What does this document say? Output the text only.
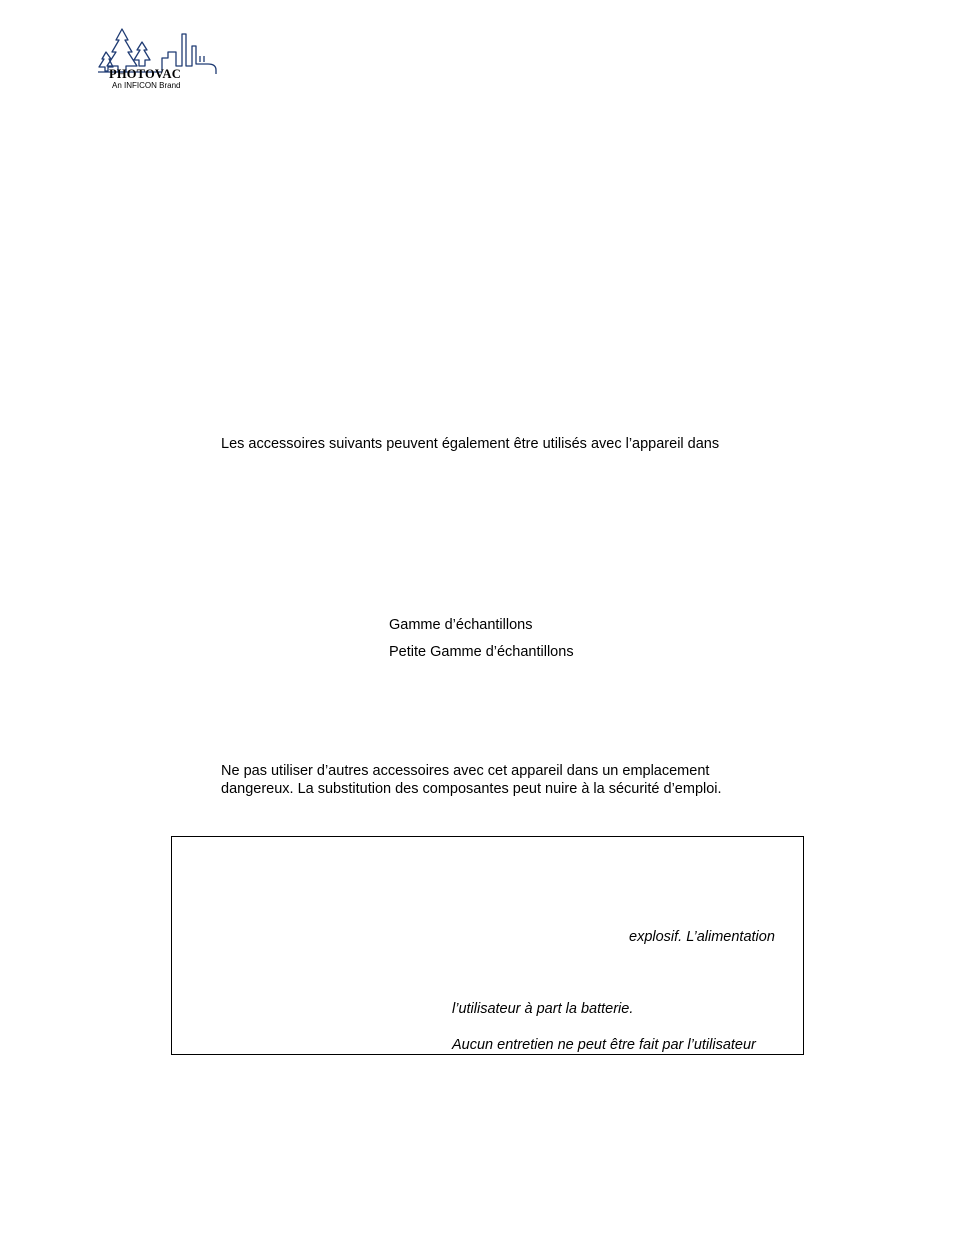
PHOTOVAC
An INFICON Brand
Les accessoires suivants peuvent également être utilisés avec l’appareil dans
Gamme d’échantillons
Petite Gamme d’échantillons
Ne pas utiliser d’autres accessoires avec cet appareil dans un emplacement
dangereux. La substitution des composantes peut nuire à la sécurité d’emploi.
explosif. L’alimentation
l’utilisateur à part la batterie.
Aucun entretien ne peut être fait par l’utilisateur
